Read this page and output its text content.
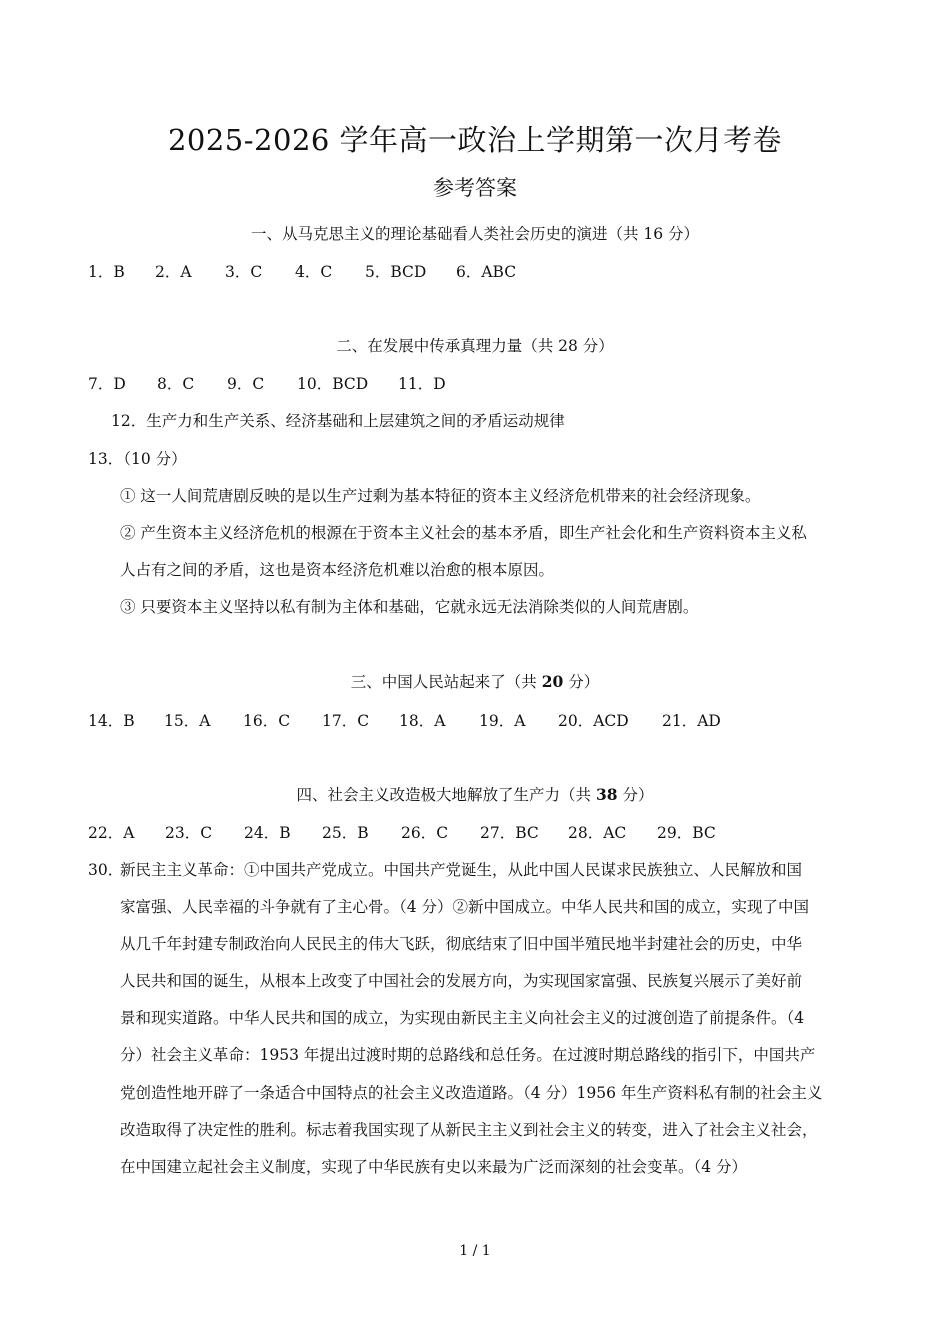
2025-2026 学年高一政治上学期第一次月考卷
参考答案
一、从马克思主义的理论基础看人类社会历史的演进（共 16 分）
1．B 2．A 3．C 4．C 5．BCD 6．ABC
二、在发展中传承真理力量（共 28 分）
7．D 8．C 9．C 10．BCD 11．D
12．生产力和生产关系、经济基础和上层建筑之间的矛盾运动规律
13．（10 分）
① 这一人间荒唐剧反映的是以生产过剩为基本特征的资本主义经济危机带来的社会经济现象。
② 产生资本主义经济危机的根源在于资本主义社会的基本矛盾，即生产社会化和生产资料资本主义私
人占有之间的矛盾，这也是资本经济危机难以治愈的根本原因。
③ 只要资本主义坚持以私有制为主体和基础，它就永远无法消除类似的人间荒唐剧。
三、中国人民站起来了（共 20 分）
14．B 15．A 16．C 17．C 18．A 19．A 20．ACD 21．AD
四、社会主义改造极大地解放了生产力（共 38 分）
22．A 23．C 24．B 25．B 26．C 27．BC 28．AC 29．BC
30．
新民主主义革命：①中国共产党成立。中国共产党诞生，从此中国人民谋求民族独立、人民解放和国
家富强、人民幸福的斗争就有了主心骨。（4 分）②新中国成立。中华人民共和国的成立，实现了中国
从几千年封建专制政治向人民民主的伟大飞跃，彻底结束了旧中国半殖民地半封建社会的历史，中华
人民共和国的诞生，从根本上改变了中国社会的发展方向，为实现国家富强、民族复兴展示了美好前
景和现实道路。中华人民共和国的成立，为实现由新民主主义向社会主义的过渡创造了前提条件。（4
分）社会主义革命：1953 年提出过渡时期的总路线和总任务。在过渡时期总路线的指引下，中国共产
党创造性地开辟了一条适合中国特点的社会主义改造道路。（4 分）1956 年生产资料私有制的社会主义
改造取得了决定性的胜利。标志着我国实现了从新民主主义到社会主义的转变，进入了社会主义社会，
在中国建立起社会主义制度，实现了中华民族有史以来最为广泛而深刻的社会变革。（4 分）
1 / 1
